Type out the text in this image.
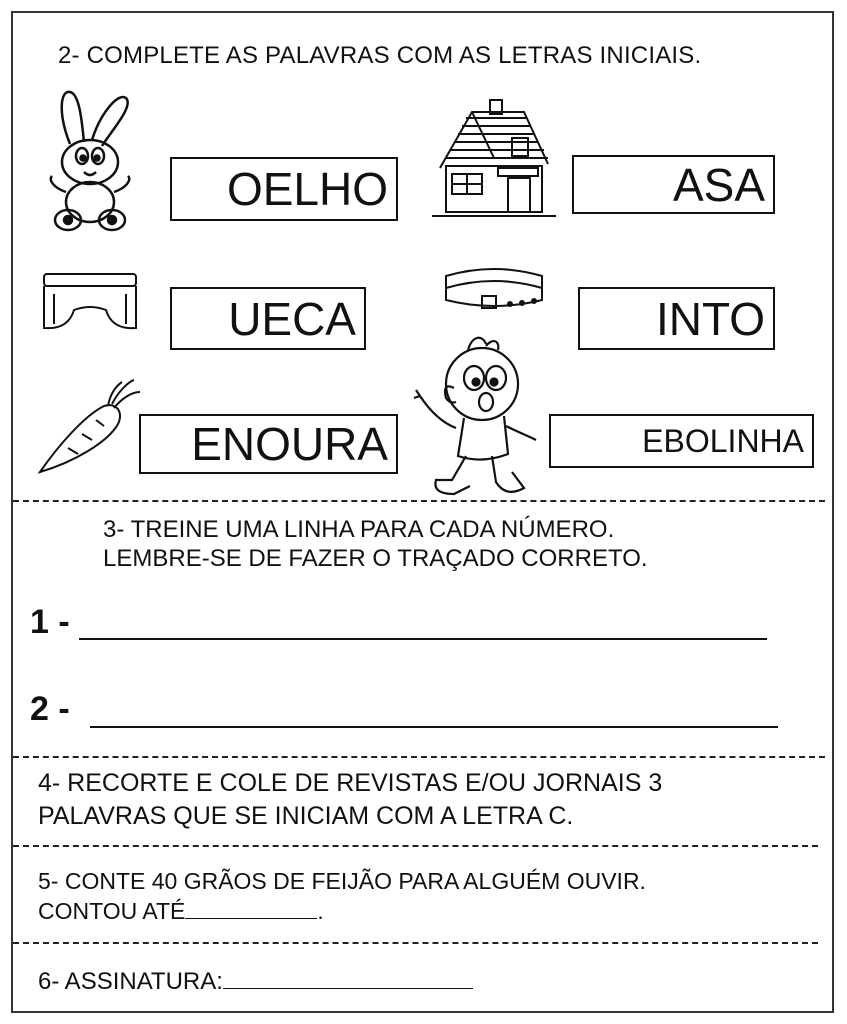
2- COMPLETE AS PALAVRAS COM AS LETRAS INICIAIS.
OELHO	ASA
UECA	INTO
ENOURA	EBOLINHA
3- TREINE UMA LINHA PARA CADA NÚMERO.
LEMBRE-SE DE FAZER O TRAÇADO CORRETO.
1 -
2 -
4- RECORTE E COLE DE REVISTAS E/OU JORNAIS 3
PALAVRAS QUE SE INICIAM COM A LETRA C.
5- CONTE 40 GRÃOS DE FEIJÃO PARA ALGUÉM OUVIR.
CONTOU ATÉ	.
6- ASSINATURA:
